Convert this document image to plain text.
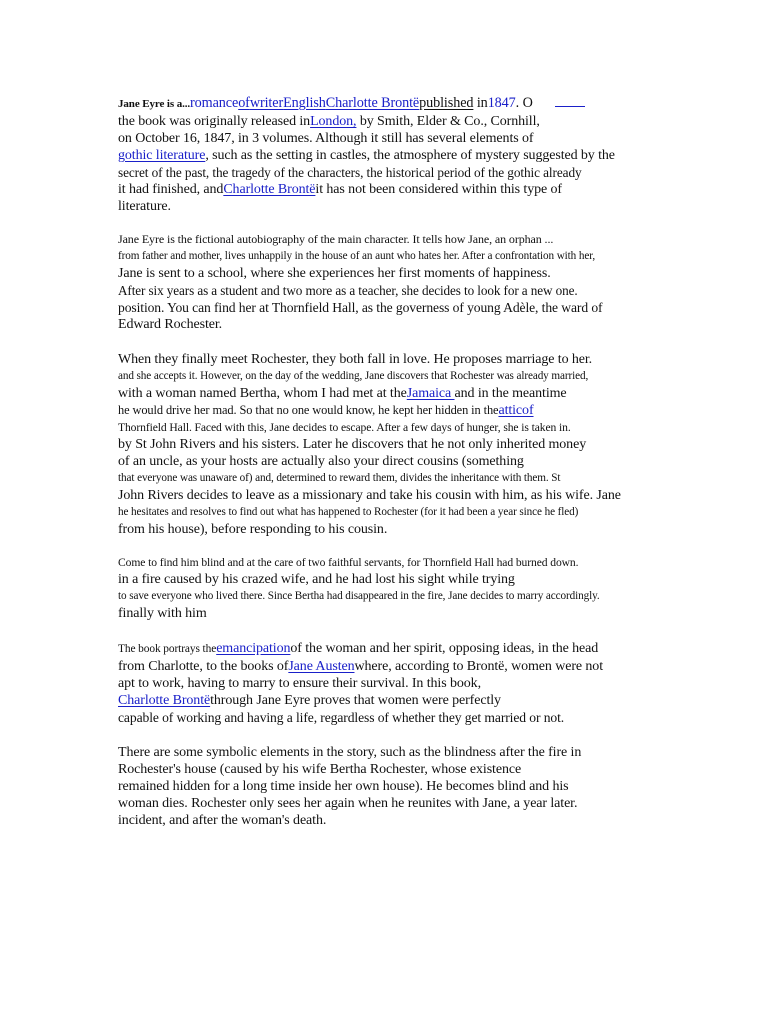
Jane Eyre is a...romanceofwriterEnglishCharlotte Brontëpublished in1847. O
the book was originally released inLondon, by Smith, Elder & Co., Cornhill,
on October 16, 1847, in 3 volumes. Although it still has several elements of
gothic literature, such as the setting in castles, the atmosphere of mystery suggested by the
secret of the past, the tragedy of the characters, the historical period of the gothic already
it had finished, andCharlotte Brontëit has not been considered within this type of
literature.
Jane Eyre is the fictional autobiography of the main character. It tells how Jane, an orphan ...
from father and mother, lives unhappily in the house of an aunt who hates her. After a confrontation with her,
Jane is sent to a school, where she experiences her first moments of happiness.
After six years as a student and two more as a teacher, she decides to look for a new one.
position. You can find her at Thornfield Hall, as the governess of young Adèle, the ward of
Edward Rochester.
When they finally meet Rochester, they both fall in love. He proposes marriage to her.
and she accepts it. However, on the day of the wedding, Jane discovers that Rochester was already married,
with a woman named Bertha, whom I had met at theJamaica and in the meantime
he would drive her mad. So that no one would know, he kept her hidden in theatticof
Thornfield Hall. Faced with this, Jane decides to escape. After a few days of hunger, she is taken in.
by St John Rivers and his sisters. Later he discovers that he not only inherited money
of an uncle, as your hosts are actually also your direct cousins (something
that everyone was unaware of) and, determined to reward them, divides the inheritance with them. St
John Rivers decides to leave as a missionary and take his cousin with him, as his wife. Jane
he hesitates and resolves to find out what has happened to Rochester (for it had been a year since he fled)
from his house), before responding to his cousin.
Come to find him blind and at the care of two faithful servants, for Thornfield Hall had burned down.
in a fire caused by his crazed wife, and he had lost his sight while trying
to save everyone who lived there. Since Bertha had disappeared in the fire, Jane decides to marry accordingly.
finally with him
The book portrays theemancipationof the woman and her spirit, opposing ideas, in the head
from Charlotte, to the books ofJane Austenwhere, according to Brontë, women were not
apt to work, having to marry to ensure their survival. In this book,
Charlotte Brontëthrough Jane Eyre proves that women were perfectly
capable of working and having a life, regardless of whether they get married or not.
There are some symbolic elements in the story, such as the blindness after the fire in
Rochester's house (caused by his wife Bertha Rochester, whose existence
remained hidden for a long time inside her own house). He becomes blind and his
woman dies. Rochester only sees her again when he reunites with Jane, a year later.
incident, and after the woman's death.
